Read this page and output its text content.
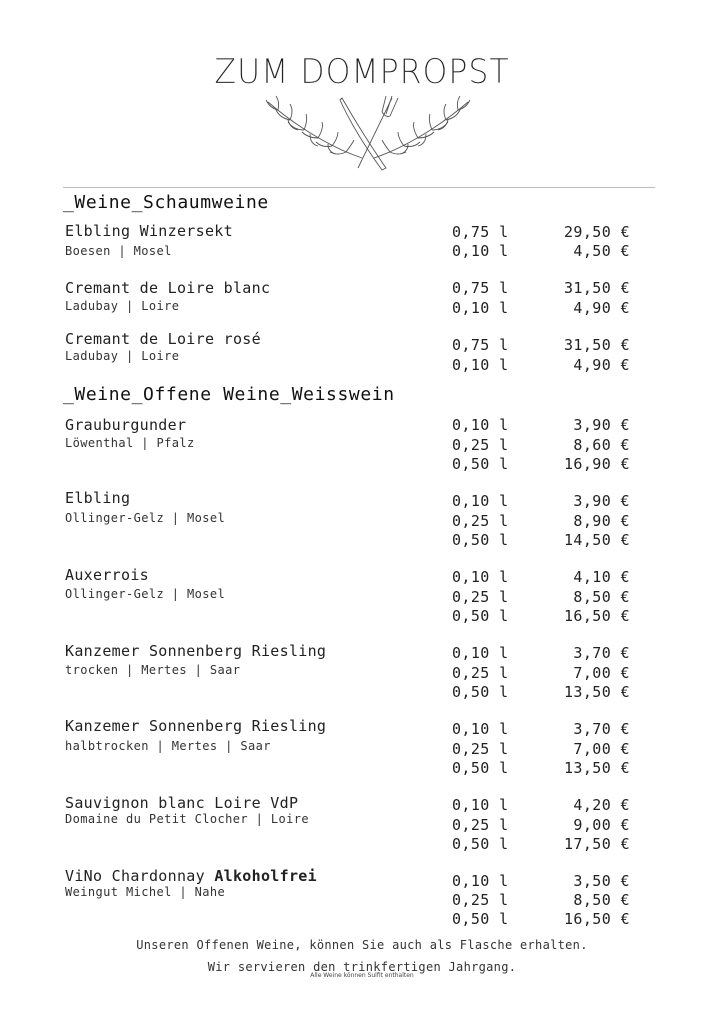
ZUM DOMPROPST
_Weine_Schaumweine
Elbling Winzersekt
Boesen | Mosel
0,75 l	29,50 €
0,10 l	4,50 €
Cremant de Loire blanc
Ladubay | Loire
0,75 l	31,50 €
0,10 l	4,90 €
Cremant de Loire rosé
Ladubay | Loire
0,75 l	31,50 €
0,10 l	4,90 €
_Weine_Offene Weine_Weisswein
Grauburgunder
Löwenthal | Pfalz
0,10 l	3,90 €
0,25 l	8,60 €
0,50 l	16,90 €
Elbling
Ollinger-Gelz | Mosel
0,10 l	3,90 €
0,25 l	8,90 €
0,50 l	14,50 €
Auxerrois
Ollinger-Gelz | Mosel
0,10 l	4,10 €
0,25 l	8,50 €
0,50 l	16,50 €
Kanzemer Sonnenberg Riesling
trocken | Mertes | Saar
0,10 l	3,70 €
0,25 l	7,00 €
0,50 l	13,50 €
Kanzemer Sonnenberg Riesling
halbtrocken | Mertes | Saar
0,10 l	3,70 €
0,25 l	7,00 €
0,50 l	13,50 €
Sauvignon blanc Loire VdP
Domaine du Petit Clocher | Loire
0,10 l	4,20 €
0,25 l	9,00 €
0,50 l	17,50 €
ViNo Chardonnay Alkoholfrei
Weingut Michel | Nahe
0,10 l	3,50 €
0,25 l	8,50 €
0,50 l	16,50 €
Unseren Offenen Weine, können Sie auch als Flasche erhalten.
Wir servieren den trinkfertigen Jahrgang.
Alle Weine können Sulfit enthalten
